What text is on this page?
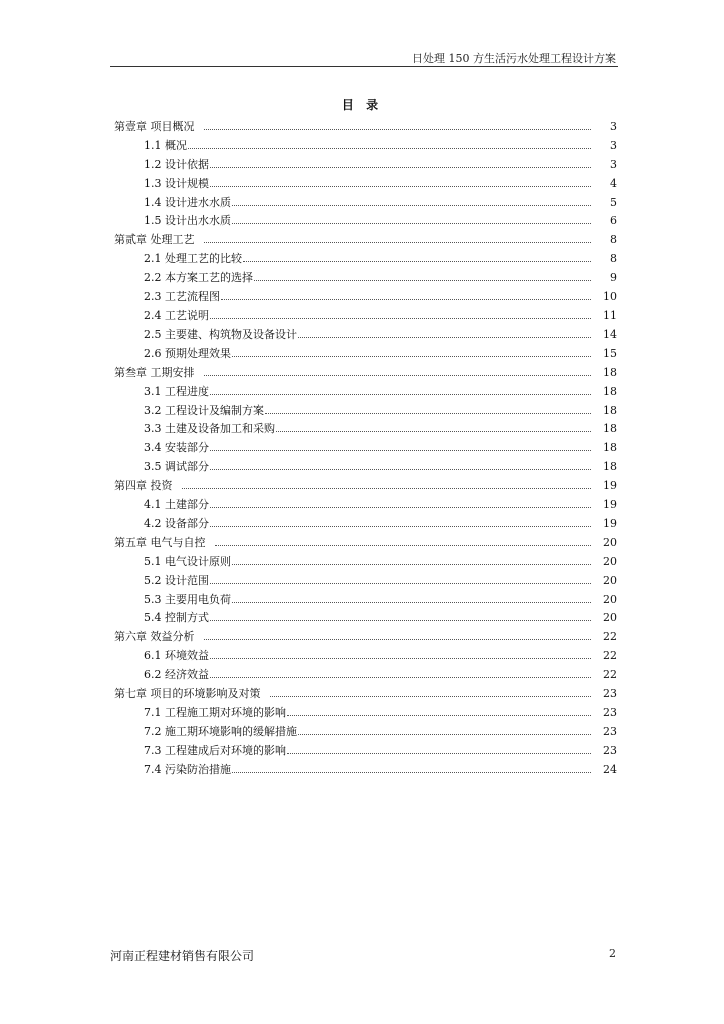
日处理 150 方生活污水处理工程设计方案
目 录
第壹章 项目概况	3
1.1 概况	3
1.2 设计依据	3
1.3 设计规模	4
1.4 设计进水水质	5
1.5 设计出水水质	6
第贰章 处理工艺	8
2.1 处理工艺的比较	8
2.2 本方案工艺的选择	9
2.3 工艺流程图	10
2.4 工艺说明	11
2.5 主要建、构筑物及设备设计	14
2.6 预期处理效果	15
第叁章 工期安排	18
3.1 工程进度	18
3.2 工程设计及编制方案	18
3.3 土建及设备加工和采购	18
3.4 安装部分	18
3.5 调试部分	18
第四章 投资	19
4.1 土建部分	19
4.2 设备部分	19
第五章 电气与自控	20
5.1 电气设计原则	20
5.2 设计范围	20
5.3 主要用电负荷	20
5.4 控制方式	20
第六章 效益分析	22
6.1 环境效益	22
6.2 经济效益	22
第七章 项目的环境影响及对策	23
7.1 工程施工期对环境的影响	23
7.2 施工期环境影响的缓解措施	23
7.3 工程建成后对环境的影响	23
7.4 污染防治措施	24
河南正程建材销售有限公司	2
